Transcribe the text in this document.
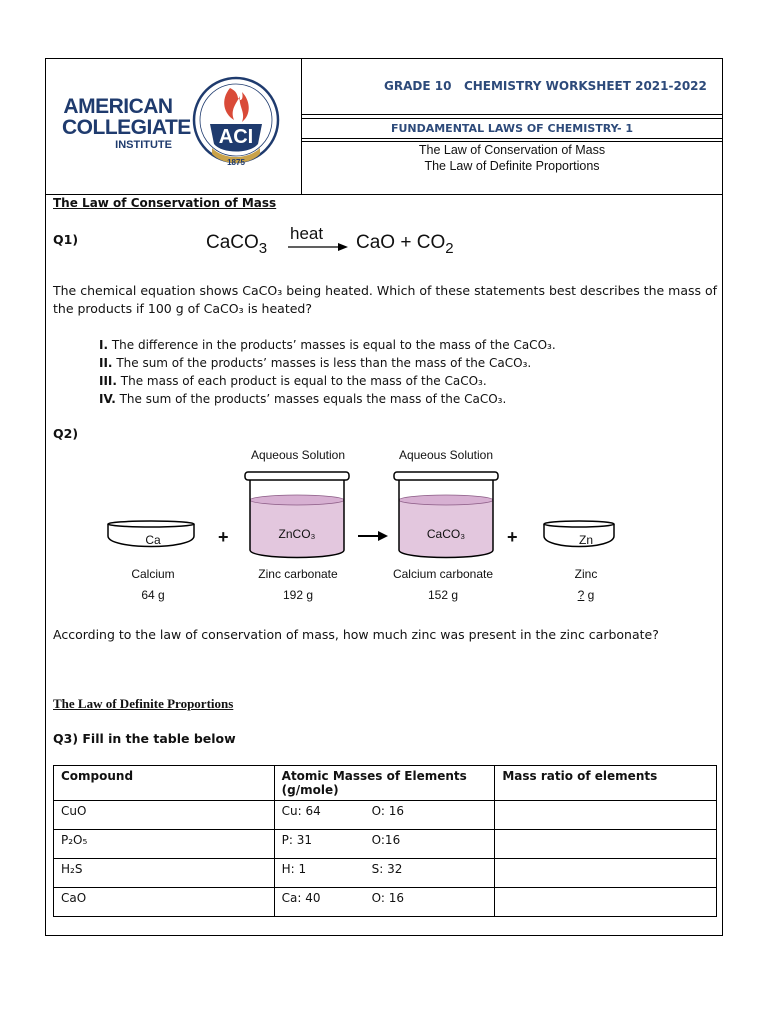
AMERICAN
COLLEGIATE
INSTITUTE	ACI
1875
GRADE 10   CHEMISTRY WORKSHEET 2021-2022
FUNDAMENTAL LAWS OF CHEMISTRY- 1
The Law of Conservation of Mass
The Law of Definite Proportions
The Law of Conservation of Mass
Q1)	CaCO$_3$
heat → CaO + $CO_2$
The chemical equation shows CaCO₃ being heated. Which of these statements best describes the mass of
the products if 100 g of CaCO₃ is heated?
I. The difference in the products’ masses is equal to the mass of the CaCO₃.
II. The sum of the products’ masses is less than the mass of the CaCO₃.
III. The mass of each product is equal to the mass of the CaCO₃.
IV. The sum of the products’ masses equals the mass of the CaCO₃.
Q2)
Aqueous Solution	Aqueous Solution
Ca	+	ZnCO₃	CaCO₃	+	Zn
Calcium
64 g
Zinc carbonate
192 g
Calcium carbonate
152 g
Zinc
? g
According to the law of conservation of mass, how much zinc was present in the zinc carbonate?
The Law of Definite Proportions
Q3) Fill in the table below
Compound	Atomic Masses of Elements (g/mole)	Mass ratio of elements
CuO	Cu: 64 O: 16	
P₂O₅	P: 31 O:16	
H₂S	H: 1 S: 32	
CaO	Ca: 40 O: 16	
